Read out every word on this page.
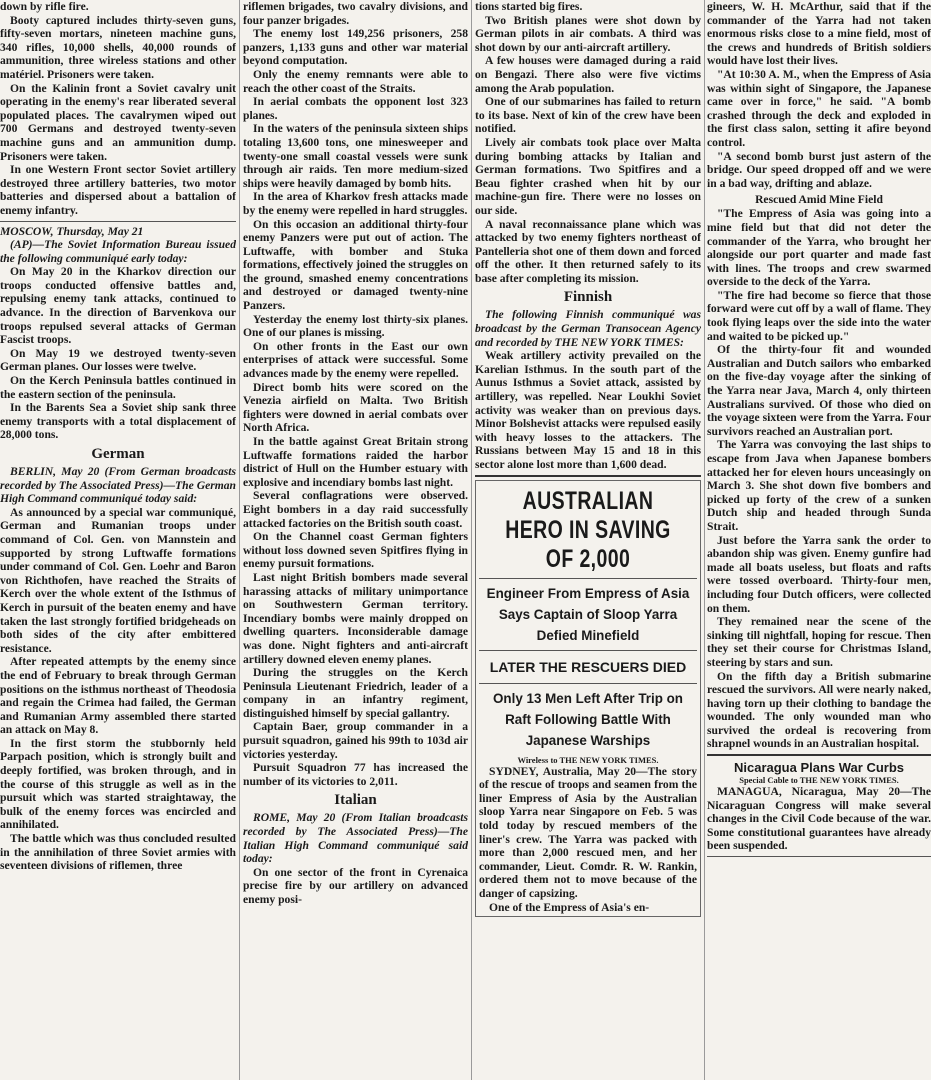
down by rifle fire.

Booty captured includes thirty-seven guns, fifty-seven mortars, nineteen machine guns, 340 rifles, 10,000 shells, 40,000 rounds of ammunition, three wireless stations and other matériel. Prisoners were taken.

On the Kalinin front a Soviet cavalry unit operating in the enemy's rear liberated several populated places. The cavalrymen wiped out 700 Germans and destroyed twenty-seven machine guns and an ammunition dump. Prisoners were taken.

In one Western Front sector Soviet artillery destroyed three artillery batteries, two motor batteries and dispersed about a battalion of enemy infantry.

MOSCOW, Thursday, May 21

(AP)—The Soviet Information Bureau issued the following communiqué early today:

On May 20 in the Kharkov direction our troops conducted offensive battles and, repulsing enemy tank attacks, continued to advance. In the direction of Barvenkova our troops repulsed several attacks of German Fascist troops.

On May 19 we destroyed twenty-seven German planes. Our losses were twelve.

On the Kerch Peninsula battles continued in the eastern section of the peninsula.

In the Barents Sea a Soviet ship sank three enemy transports with a total displacement of 28,000 tons.

German

BERLIN, May 20 (From German broadcasts recorded by The Associated Press)—The German High Command communiqué today said:

As announced by a special war communiqué, German and Rumanian troops under command of Col. Gen. von Mannstein and supported by strong Luftwaffe formations under command of Col. Gen. Loehr and Baron von Richthofen, have reached the Straits of Kerch over the whole extent of the Isthmus of Kerch in pursuit of the beaten enemy and have taken the last strongly fortified bridgeheads on both sides of the city after embittered resistance.

After repeated attempts by the enemy since the end of February to break through German positions on the isthmus northeast of Theodosia and regain the Crimea had failed, the German and Rumanian Army assembled there started an attack on May 8.

In the first storm the stubbornly held Parpach position, which is strongly built and deeply fortified, was broken through, and in the course of this struggle as well as in the pursuit which was started straightaway, the bulk of the enemy forces was encircled and annihilated.

The battle which was thus concluded resulted in the annihilation of three Soviet armies with seventeen divisions of riflemen, three

riflemen brigades, two cavalry divisions, and four panzer brigades.

The enemy lost 149,256 prisoners, 258 panzers, 1,133 guns and other war material beyond computation.

Only the enemy remnants were able to reach the other coast of the Straits.

In aerial combats the opponent lost 323 planes.

In the waters of the peninsula sixteen ships totaling 13,600 tons, one minesweeper and twenty-one small coastal vessels were sunk through air raids. Ten more medium-sized ships were heavily damaged by bomb hits.

In the area of Kharkov fresh attacks made by the enemy were repelled in hard struggles.

On this occasion an additional thirty-four enemy Panzers were put out of action. The Luftwaffe, with bomber and Stuka formations, effectively joined the struggles on the ground, smashed enemy concentrations and destroyed or damaged twenty-nine Panzers.

Yesterday the enemy lost thirty-six planes. One of our planes is missing.

On other fronts in the East our own enterprises of attack were successful. Some advances made by the enemy were repelled.

Direct bomb hits were scored on the Venezia airfield on Malta. Two British fighters were downed in aerial combats over North Africa.

In the battle against Great Britain strong Luftwaffe formations raided the harbor district of Hull on the Humber estuary with explosive and incendiary bombs last night.

Several conflagrations were observed. Eight bombers in a day raid successfully attacked factories on the British south coast.

On the Channel coast German fighters without loss downed seven Spitfires flying in enemy pursuit formations.

Last night British bombers made several harassing attacks of military unimportance on Southwestern German territory. Incendiary bombs were mainly dropped on dwelling quarters. Inconsiderable damage was done. Night fighters and anti-aircraft artillery downed eleven enemy planes.

During the struggles on the Kerch Peninsula Lieutenant Friedrich, leader of a company in an infantry regiment, distinguished himself by special gallantry.

Captain Baer, group commander in a pursuit squadron, gained his 99th to 103d air victories yesterday.

Pursuit Squadron 77 has increased the number of its victories to 2,011.

Italian

ROME, May 20 (From Italian broadcasts recorded by The Associated Press)—The Italian High Command communiqué said today:

On one sector of the front in Cyrenaica precise fire by our artillery on advanced enemy posi-

tions started big fires.

Two British planes were shot down by German pilots in air combats. A third was shot down by our anti-aircraft artillery.

A few houses were damaged during a raid on Bengazi. There also were five victims among the Arab population.

One of our submarines has failed to return to its base. Next of kin of the crew have been notified.

Lively air combats took place over Malta during bombing attacks by Italian and German formations. Two Spitfires and a Beau fighter crashed when hit by our machine-gun fire. There were no losses on our side.

A naval reconnaissance plane which was attacked by two enemy fighters northeast of Pantelleria shot one of them down and forced off the other. It then returned safely to its base after completing its mission.

Finnish

The following Finnish communiqué was broadcast by the German Transocean Agency and recorded by THE NEW YORK TIMES:

Weak artillery activity prevailed on the Karelian Isthmus. In the south part of the Aunus Isthmus a Soviet attack, assisted by artillery, was repelled. Near Loukhi Soviet activity was weaker than on previous days. Minor Bolshevist attacks were repulsed easily with heavy losses to the attackers. The Russians between May 15 and 18 in this sector alone lost more than 1,600 dead.

AUSTRALIAN HERO IN SAVING OF 2,000
Engineer From Empress of Asia Says Captain of Sloop Yarra Defied Minefield
LATER THE RESCUERS DIED
Only 13 Men Left After Trip on Raft Following Battle With Japanese Warships
Wireless to THE NEW YORK TIMES.

SYDNEY, Australia, May 20—The story of the rescue of troops and seamen from the liner Empress of Asia by the Australian sloop Yarra near Singapore on Feb. 5 was told today by rescued members of the liner's crew. The Yarra was packed with more than 2,000 rescued men, and her commander, Lieut. Comdr. R. W. Rankin, ordered them not to move because of the danger of capsizing.

One of the Empress of Asia's en-

gineers, W. H. McArthur, said that if the commander of the Yarra had not taken enormous risks close to a mine field, most of the crews and hundreds of British soldiers would have lost their lives.

"At 10:30 A. M., when the Empress of Asia was within sight of Singapore, the Japanese came over in force," he said. "A bomb crashed through the deck and exploded in the first class salon, setting it afire beyond control.

"A second bomb burst just astern of the bridge. Our speed dropped off and we were in a bad way, drifting and ablaze.

Rescued Amid Mine Field

"The Empress of Asia was going into a mine field but that did not deter the commander of the Yarra, who brought her alongside our port quarter and made fast with lines. The troops and crew swarmed overside to the deck of the Yarra.

"The fire had become so fierce that those forward were cut off by a wall of flame. They took flying leaps over the side into the water and waited to be picked up."

Of the thirty-four fit and wounded Australian and Dutch sailors who embarked on the five-day voyage after the sinking of the Yarra near Java, March 4, only thirteen Australians survived. Of those who died on the voyage sixteen were from the Yarra. Four survivors reached an Australian port.

The Yarra was convoying the last ships to escape from Java when Japanese bombers attacked her for eleven hours unceasingly on March 3. She shot down five bombers and picked up forty of the crew of a sunken Dutch ship and headed through Sunda Strait.

Just before the Yarra sank the order to abandon ship was given. Enemy gunfire had made all boats useless, but floats and rafts were tossed overboard. Thirty-four men, including four Dutch officers, were collected on them.

They remained near the scene of the sinking till nightfall, hoping for rescue. Then they set their course for Christmas Island, steering by stars and sun.

On the fifth day a British submarine rescued the survivors. All were nearly naked, having torn up their clothing to bandage the wounded. The only wounded man who survived the ordeal is recovering from shrapnel wounds in an Australian hospital.

Nicaragua Plans War Curbs
Special Cable to THE NEW YORK TIMES.

MANAGUA, Nicaragua, May 20—The Nicaraguan Congress will make several changes in the Civil Code because of the war. Some constitutional guarantees have already been suspended.
